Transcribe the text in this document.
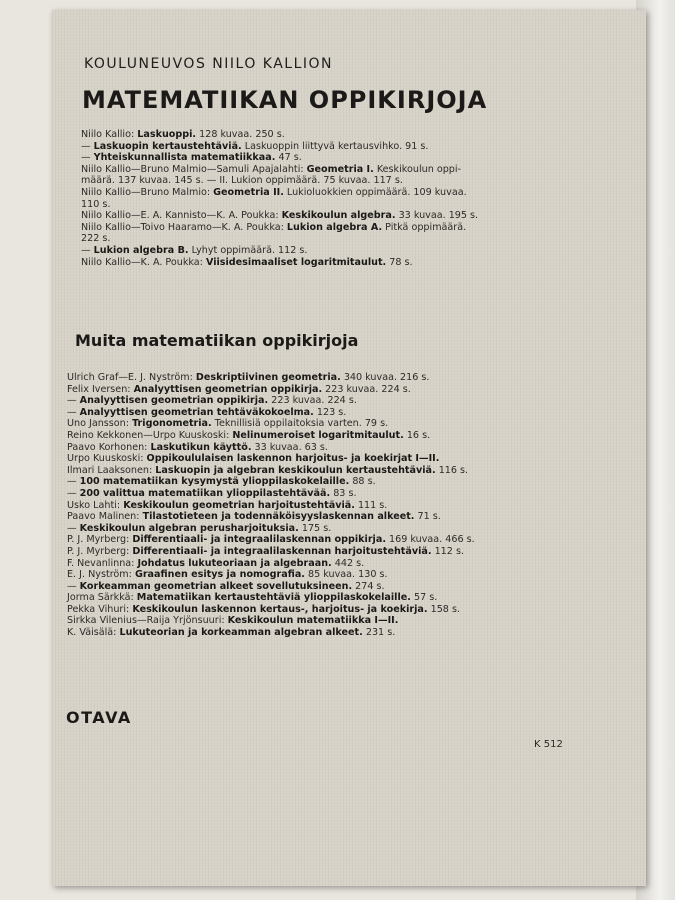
KOULUNEUVOS NIILO KALLION

MATEMATIIKAN OPPIKIRJOJA
Niilo Kallio: Laskuoppi. 128 kuvaa. 250 s.
— Laskuopin kertaustehtäviä. Laskuoppin liittyvä kertausvihko. 91 s.
— Yhteiskunnallista matematiikkaa. 47 s.
Niilo Kallio—Bruno Malmio—Samuli Apajalahti: Geometria I. Keskikoulun oppi-
määrä. 137 kuvaa. 145 s. — II. Lukion oppimäärä. 75 kuvaa. 117 s.
Niilo Kallio—Bruno Malmio: Geometria II. Lukioluokkien oppimäärä. 109 kuvaa.
110 s.
Niilo Kallio—E. A. Kannisto—K. A. Poukka: Keskikoulun algebra. 33 kuvaa. 195 s.
Niilo Kallio—Toivo Haaramo—K. A. Poukka: Lukion algebra A. Pitkä oppimäärä.
222 s.
— Lukion algebra B. Lyhyt oppimäärä. 112 s.
Niilo Kallio—K. A. Poukka: Viisidesimaaliset logaritmitaulut. 78 s.
Muita matematiikan oppikirjoja
Ulrich Graf—E. J. Nyström: Deskriptiivinen geometria. 340 kuvaa. 216 s.
Felix Iversen: Analyyttisen geometrian oppikirja. 223 kuvaa. 224 s.
— Analyyttisen geometrian oppikirja. 223 kuvaa. 224 s.
— Analyyttisen geometrian tehtäväkokoelma. 123 s.
Uno Jansson: Trigonometria. Teknillisiä oppilaitoksia varten. 79 s.
Reino Kekkonen—Urpo Kuuskoski: Nelinumeroiset logaritmitaulut. 16 s.
Paavo Korhonen: Laskutikun käyttö. 33 kuvaa. 63 s.
Urpo Kuuskoski: Oppikoululaisen laskennon harjoitus- ja koekirjat I—II.
Ilmari Laaksonen: Laskuopin ja algebran keskikoulun kertaustehtäviä. 116 s.
— 100 matematiikan kysymystä ylioppilaskokelaille. 88 s.
— 200 valittua matematiikan ylioppilastehtävää. 83 s.
Usko Lahti: Keskikoulun geometrian harjoitustehtäviä. 111 s.
Paavo Malinen: Tilastotieteen ja todennäköisyyslaskennan alkeet. 71 s.
— Keskikoulun algebran perusharjoituksia. 175 s.
P. J. Myrberg: Differentiaali- ja integraalilaskennan oppikirja. 169 kuvaa. 466 s.
P. J. Myrberg: Differentiaali- ja integraalilaskennan harjoitustehtäviä. 112 s.
F. Nevanlinna: Johdatus lukuteoriaan ja algebraan. 442 s.
E. J. Nyström: Graafinen esitys ja nomografia. 85 kuvaa. 130 s.
— Korkeamman geometrian alkeet sovellutuksineen. 274 s.
Jorma Särkkä: Matematiikan kertaustehtäviä ylioppilaskokelaille. 57 s.
Pekka Vihuri: Keskikoulun laskennon kertaus-, harjoitus- ja koekirja. 158 s.
Sirkka Vilenius—Raija Yrjönsuuri: Keskikoulun matematiikka I—II.
K. Väisälä: Lukuteorian ja korkeamman algebran alkeet. 231 s.

OTAVA

K 512
